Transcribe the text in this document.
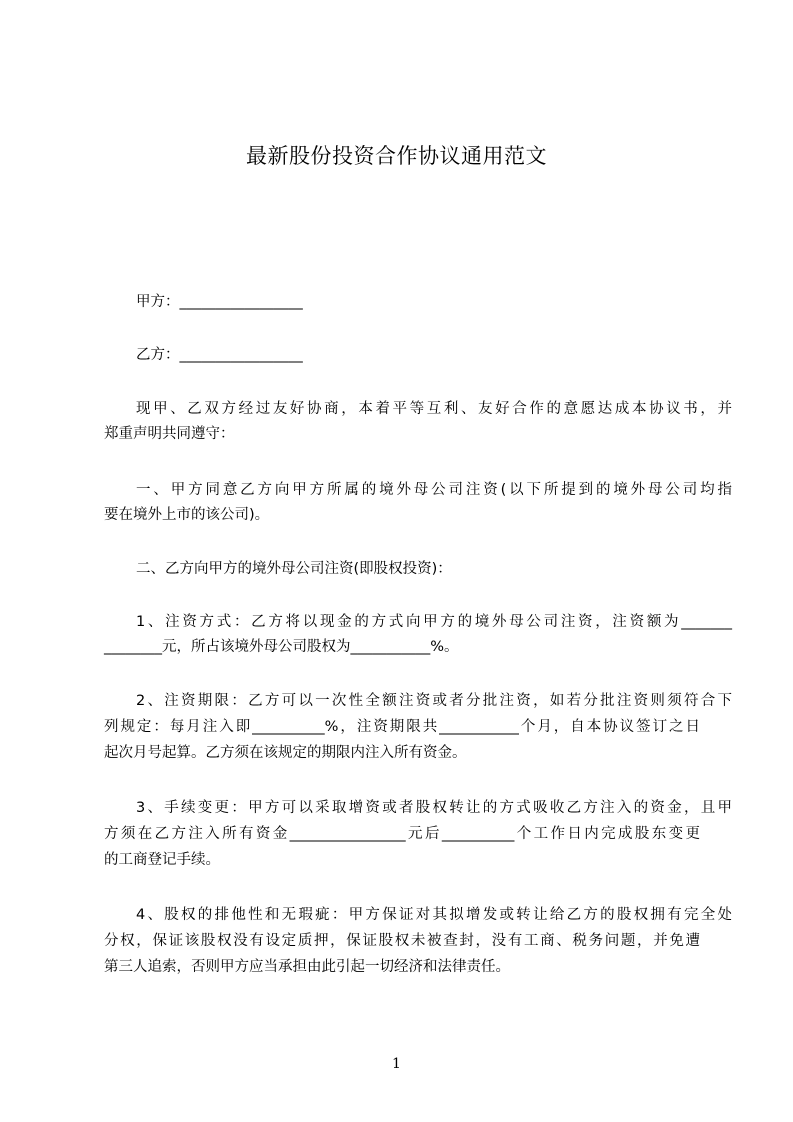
最新股份投资合作协议通用范文
甲方：_________________
乙方：_________________
现甲、乙双方经过友好协商，本着平等互利、友好合作的意愿达成本协议书，并
郑重声明共同遵守：
一、甲方同意乙方向甲方所属的境外母公司注资(以下所提到的境外母公司均指
要在境外上市的该公司)。
二、乙方向甲方的境外母公司注资(即股权投资)：
1、注资方式：乙方将以现金的方式向甲方的境外母公司注资，注资额为_______
________元，所占该境外母公司股权为___________%。
2、注资期限：乙方可以一次性全额注资或者分批注资，如若分批注资则须符合下
列规定：每月注入即__________%，注资期限共___________个月，自本协议签订之日
起次月号起算。乙方须在该规定的期限内注入所有资金。
3、手续变更：甲方可以采取增资或者股权转让的方式吸收乙方注入的资金，且甲
方须在乙方注入所有资金________________元后__________个工作日内完成股东变更
的工商登记手续。
4、股权的排他性和无瑕疵：甲方保证对其拟增发或转让给乙方的股权拥有完全处
分权，保证该股权没有设定质押，保证股权未被查封，没有工商、税务问题，并免遭
第三人追索，否则甲方应当承担由此引起一切经济和法律责任。
1
